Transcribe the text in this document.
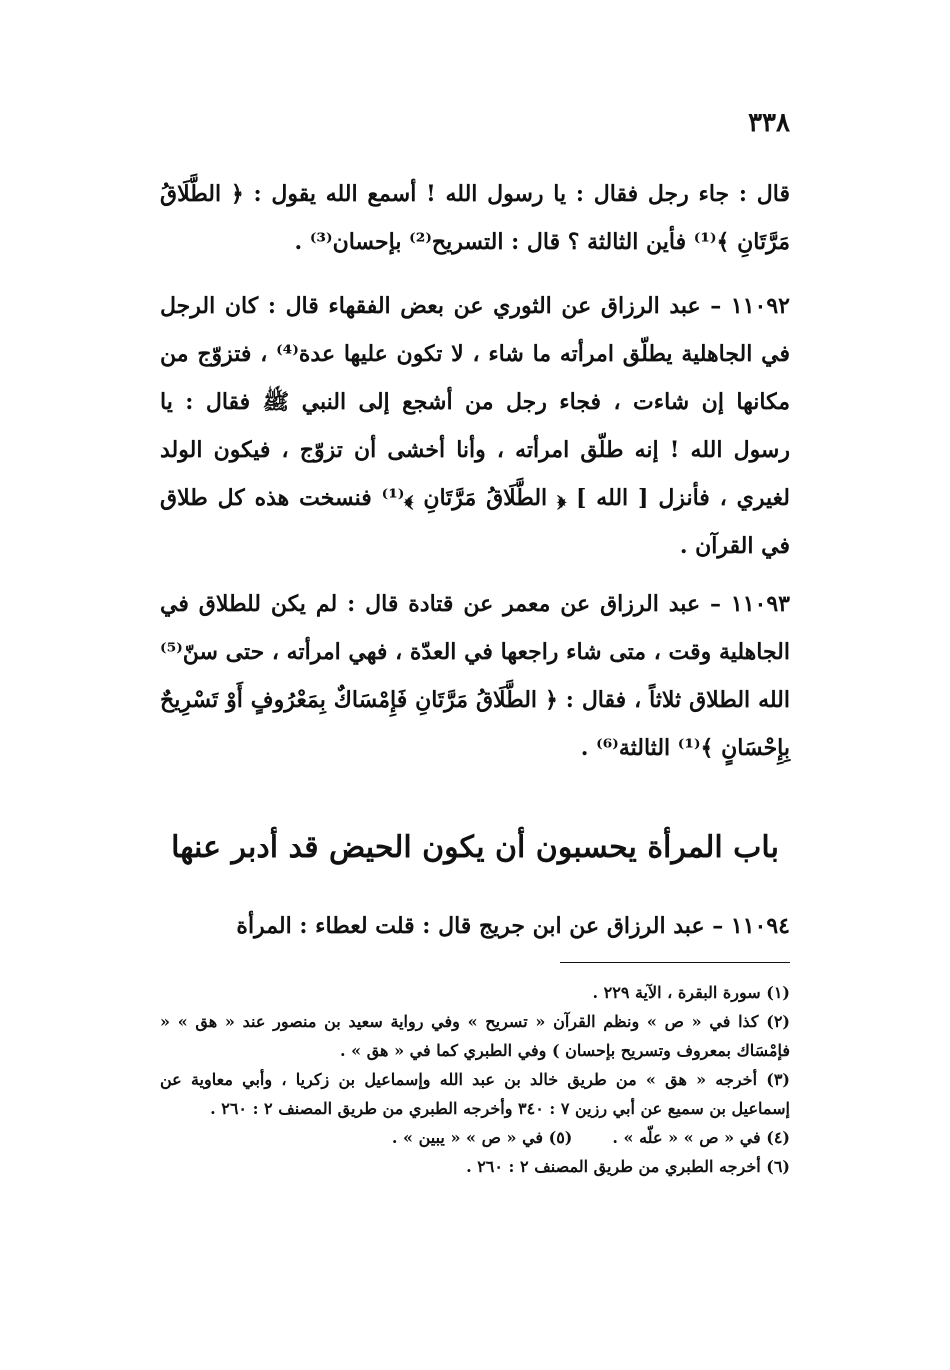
٣٣٨

قال : جاء رجل فقال : يا رسول الله ! أسمع الله يقول : ﴿ الطَّلَاقُ مَرَّتَانِ ﴾⁽¹⁾ فأين الثالثة ؟ قال : التسريح⁽²⁾ بإحسان⁽³⁾ .

١١٠٩٢ – عبد الرزاق عن الثوري عن بعض الفقهاء قال : كان الرجل في الجاهلية يطلّق امرأته ما شاء ، لا تكون عليها عدة⁽⁴⁾ ، فتزوّج من مكانها إن شاءت ، فجاء رجل من أشجع إلى النبي ﷺ فقال : يا رسول الله ! إنه طلّق امرأته ، وأنا أخشى أن تزوّج ، فيكون الولد لغيري ، فأنزل [ الله ] ﴿ الطَّلَاقُ مَرَّتَانِ ﴾⁽¹⁾ فنسخت هذه كل طلاق في القرآن .

١١٠٩٣ – عبد الرزاق عن معمر عن قتادة قال : لم يكن للطلاق في الجاهلية وقت ، متى شاء راجعها في العدّة ، فهي امرأته ، حتى سنّ⁽⁵⁾ الله الطلاق ثلاثاً ، فقال : ﴿ الطَّلَاقُ مَرَّتَانِ فَإِمْسَاكٌ بِمَعْرُوفٍ أَوْ تَسْرِيحٌ بِإِحْسَانٍ ﴾⁽¹⁾ الثالثة⁽⁶⁾ .

باب المرأة يحسبون أن يكون الحيض قد أدبر عنها

١١٠٩٤ – عبد الرزاق عن ابن جريج قال : قلت لعطاء : المرأة

(١) سورة البقرة ، الآية ٢٢٩ .

(٢) كذا في « ص » ونظم القرآن « تسريح » وفي رواية سعيد بن منصور عند « هق » « فإمْسَاك بمعروف وتسريح بإحسان ) وفي الطبري كما في « هق » .

(٣) أخرجه « هق » من طريق خالد بن عبد الله وإسماعيل بن زكريا ، وأبي معاوية عن إسماعيل بن سميع عن أبي رزين ٧ : ٣٤٠ وأخرجه الطبري من طريق المصنف ٢ : ٢٦٠ .

(٤) في « ص » « علّه » .

(٥) في « ص » « يبين » .

(٦) أخرجه الطبري من طريق المصنف ٢ : ٢٦٠ .
